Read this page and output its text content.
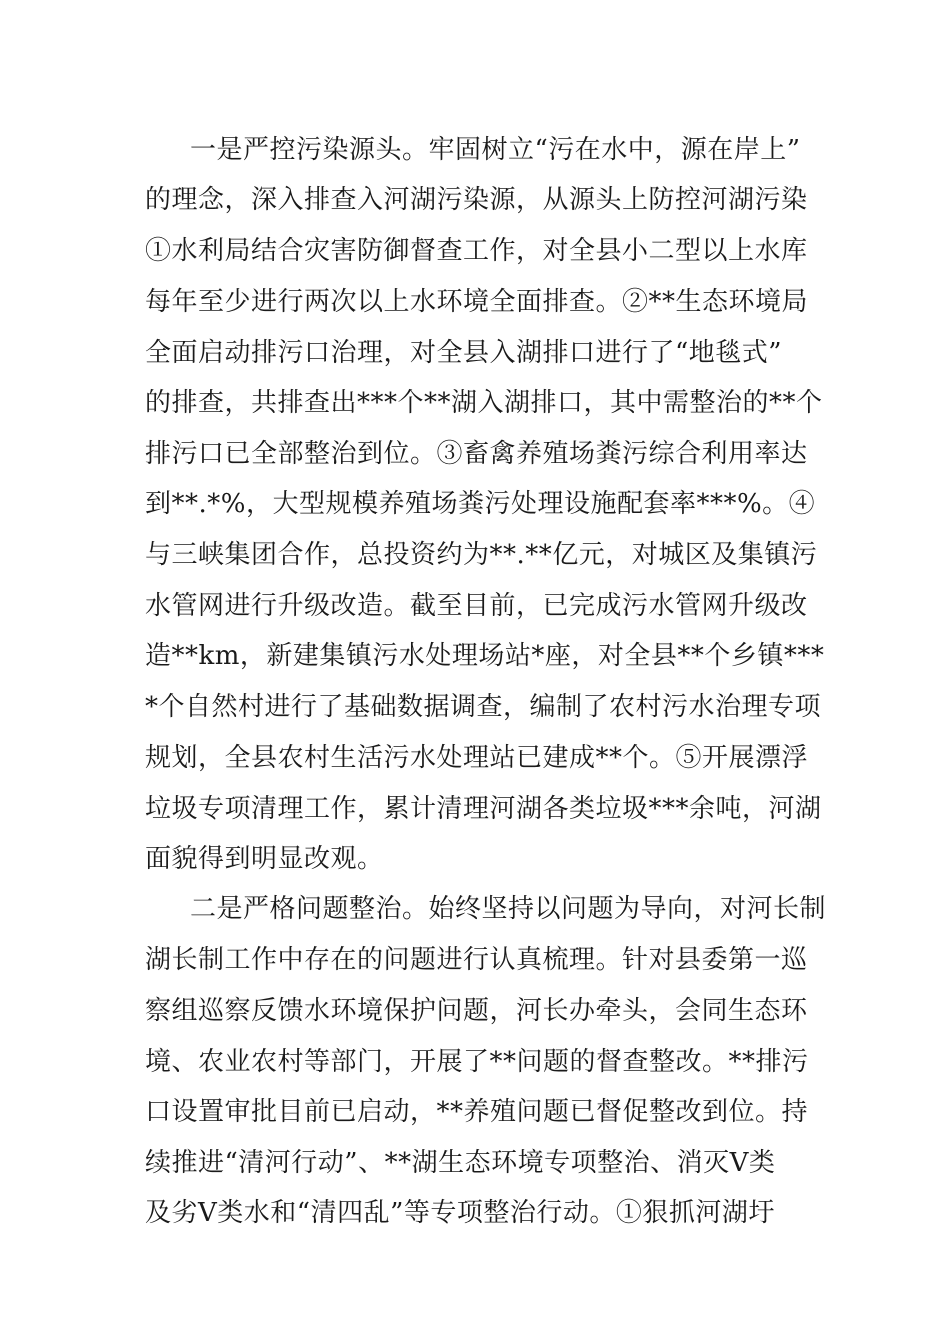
一是严控污染源头。牢固树立“污在水中，源在岸上”
的理念，深入排查入河湖污染源，从源头上防控河湖污染
①水利局结合灾害防御督查工作，对全县小二型以上水库
每年至少进行两次以上水环境全面排查。②**生态环境局
全面启动排污口治理，对全县入湖排口进行了“地毯式”
的排查，共排查出***个**湖入湖排口，其中需整治的**个
排污口已全部整治到位。③畜禽养殖场粪污综合利用率达
到**.*%，大型规模养殖场粪污处理设施配套率***%。④
与三峡集团合作，总投资约为**.**亿元，对城区及集镇污
水管网进行升级改造。截至目前，已完成污水管网升级改
造**km，新建集镇污水处理场站*座，对全县**个乡镇***
*个自然村进行了基础数据调查，编制了农村污水治理专项
规划，全县农村生活污水处理站已建成**个。⑤开展漂浮
垃圾专项清理工作，累计清理河湖各类垃圾***余吨，河湖
面貌得到明显改观。
二是严格问题整治。始终坚持以问题为导向，对河长制
湖长制工作中存在的问题进行认真梳理。针对县委第一巡
察组巡察反馈水环境保护问题，河长办牵头，会同生态环
境、农业农村等部门，开展了**问题的督查整改。**排污
口设置审批目前已启动，**养殖问题已督促整改到位。持
续推进“清河行动”、**湖生态环境专项整治、消灭Ⅴ类
及劣Ⅴ类水和“清四乱”等专项整治行动。①狠抓河湖圩
